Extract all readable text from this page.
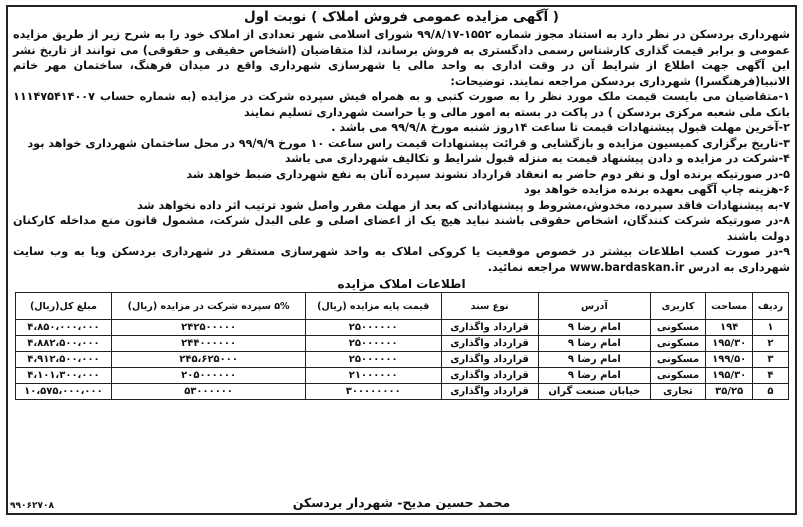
( آگهی مزایده عمومی فروش املاک ) نوبت اول

شهرداری بردسکن در نظر دارد به استناد مجوز شماره ۱۵۵۲-۹۹/۸/۱۷ شورای اسلامی شهر تعدادی از املاک خود را به شرح زیر از طریق مزایده عمومی و برابر قیمت گذاری کارشناس رسمی دادگستری به فروش برساند، لذا متقاضیان (اشخاص حقیقی و حقوقی) می توانند از تاریخ نشر این آگهی جهت اطلاع از شرایط آن در وقت اداری به واحد مالی یا شهرسازی شهرداری واقع در میدان فرهنگ، ساختمان مهر خاتم الانبیا(فرهنگسرا) شهرداری بردسکن مراجعه نمایند. توضیحات:

۱-متقاضیان می بایست قیمت ملک مورد نظر را به صورت کتبی و به همراه فیش سپرده شرکت در مزایده (به شماره حساب ۱۱۱۴۷۵۴۱۴۰۰۷ بانک ملی شعبه مرکزی بردسکن ) در پاکت در بسته به امور مالی و یا حراست شهرداری تسلیم نمایند

۲-آخرین مهلت قبول پیشنهادات قیمت تا ساعت ۱۴روز شنبه مورخ ۹۹/۹/۸ می باشد .

۳-تاریخ برگزاری کمیسیون مزایده و بازگشایی و قرائت پیشنهادات قیمت راس ساعت ۱۰ مورخ ۹۹/۹/۹ در محل ساختمان شهرداری خواهد بود

۴-شرکت در مزایده و دادن پیشنهاد قیمت به منزله قبول شرایط و تکالیف شهرداری می باشد

۵-در صورتیکه برنده اول و نفر دوم حاضر به انعقاد قرارداد نشوند سپرده آنان به نفع شهرداری ضبط خواهد شد

۶-هزینه چاپ آگهی بعهده برنده مزایده خواهد بود

۷-به پیشنهادات فاقد سپرده، مخدوش،مشروط و پیشنهاداتی که بعد از مهلت مقرر واصل شود ترتیب اثر داده نخواهد شد

۸-در صورتیکه شرکت کنندگان، اشخاص حقوقی باشند نباید هیچ یک از اعضای اصلی و علی البدل شرکت، مشمول قانون منع مداخله کارکنان دولت باشند

۹-در صورت کسب اطلاعات بیشتر در خصوص موقعیت یا کروکی املاک به واحد شهرسازی مستقر در شهرداری بردسکن ویا به وب سایت شهرداری به ادرس www.bardaskan.ir مراجعه نمائید.

اطلاعات املاک مزایده
ردیف	مساحت	کاربری	آدرس	نوع سند	قیمت پایه مزایده (ریال)	۵% سپرده شرکت در مزایده (ریال)	مبلغ کل(ریال)
۱	۱۹۴	مسکونی	امام رضا ۹	قرارداد واگذاری	۲۵۰۰۰۰۰۰	۲۴۲۵۰۰۰۰۰	۴،۸۵۰،۰۰۰،۰۰۰
۲	۱۹۵/۳۰	مسکونی	امام رضا ۹	قرارداد واگذاری	۲۵۰۰۰۰۰۰	۲۴۴۰۰۰۰۰۰	۴،۸۸۲،۵۰۰،۰۰۰
۳	۱۹۹/۵۰	مسکونی	امام رضا ۹	قرارداد واگذاری	۲۵۰۰۰۰۰۰	۲۴۵،۶۲۵۰۰۰	۴،۹۱۲،۵۰۰،۰۰۰
۴	۱۹۵/۳۰	مسکونی	امام رضا ۹	قرارداد واگذاری	۲۱۰۰۰۰۰۰	۲۰۵۰۰۰۰۰۰	۴،۱۰۱،۳۰۰،۰۰۰
۵	۳۵/۲۵	تجاری	خیابان صنعت گران	قرارداد واگذاری	۳۰۰۰۰۰۰۰۰	۵۳۰۰۰۰۰۰	۱۰،۵۷۵،۰۰۰،۰۰۰
محمد حسین مدیح- شهردار بردسکن
۹۹۰۶۲۷۰۸
